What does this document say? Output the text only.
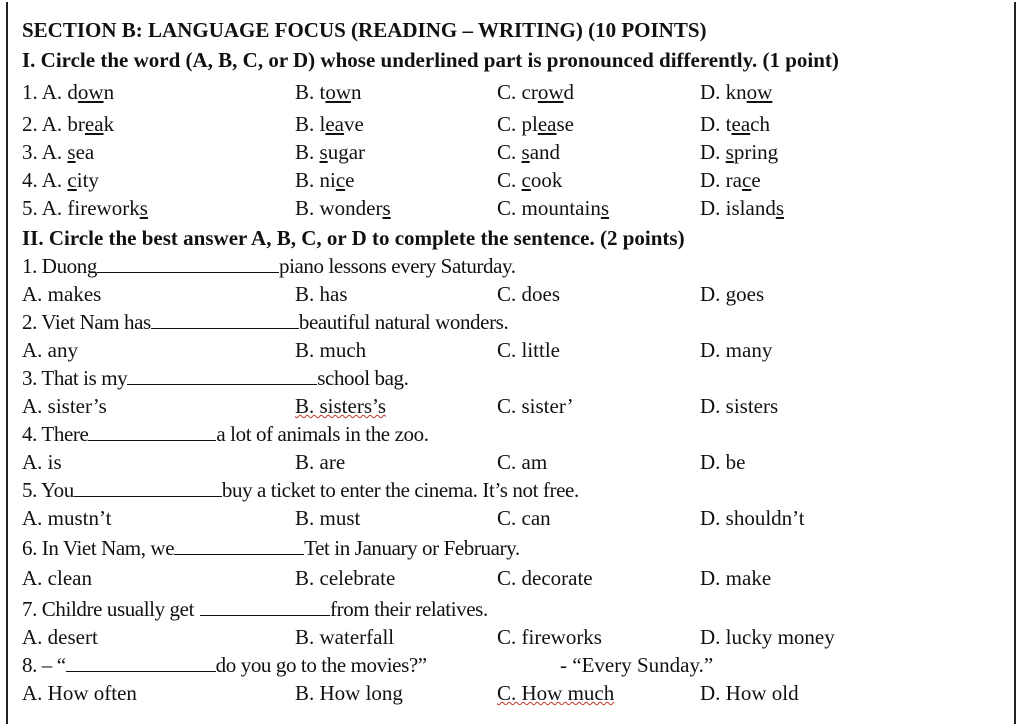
SECTION B: LANGUAGE FOCUS (READING – WRITING) (10 POINTS)
I. Circle the word (A, B, C, or D) whose underlined part is pronounced differently. (1 point)
1. A. down	B. town	C. crowd	D. know
2. A. break	B. leave	C. please	D. teach
3. A. sea	B. sugar	C. sand	D. spring
4. A. city	B. nice	C. cook	D. race
5. A. fireworks	B. wonders	C. mountains	D. islands
II. Circle the best answer A, B, C, or D to complete the sentence. (2 points)
1. Duong	piano lessons every Saturday.
A. makes	B. has	C. does	D. goes
2. Viet Nam has	beautiful natural wonders.
A. any	B. much	C. little	D. many
3. That is my	school bag.
A. sister’s	B. sisters’s	C. sister’	D. sisters
4. There	a lot of animals in the zoo.
A. is	B. are	C. am	D. be
5. You	buy a ticket to enter the cinema. It’s not free.
A. mustn’t	B. must	C. can	D. shouldn’t
6. In Viet Nam, we	Tet in January or February.
A. clean	B. celebrate	C. decorate	D. make
7. Childre usually get	from their relatives.
A. desert	B. waterfall	C. fireworks	D. lucky money
8. – “	do you go to the movies?”	- “Every Sunday.”
A. How often	B. How long	C. How much	D. How old
